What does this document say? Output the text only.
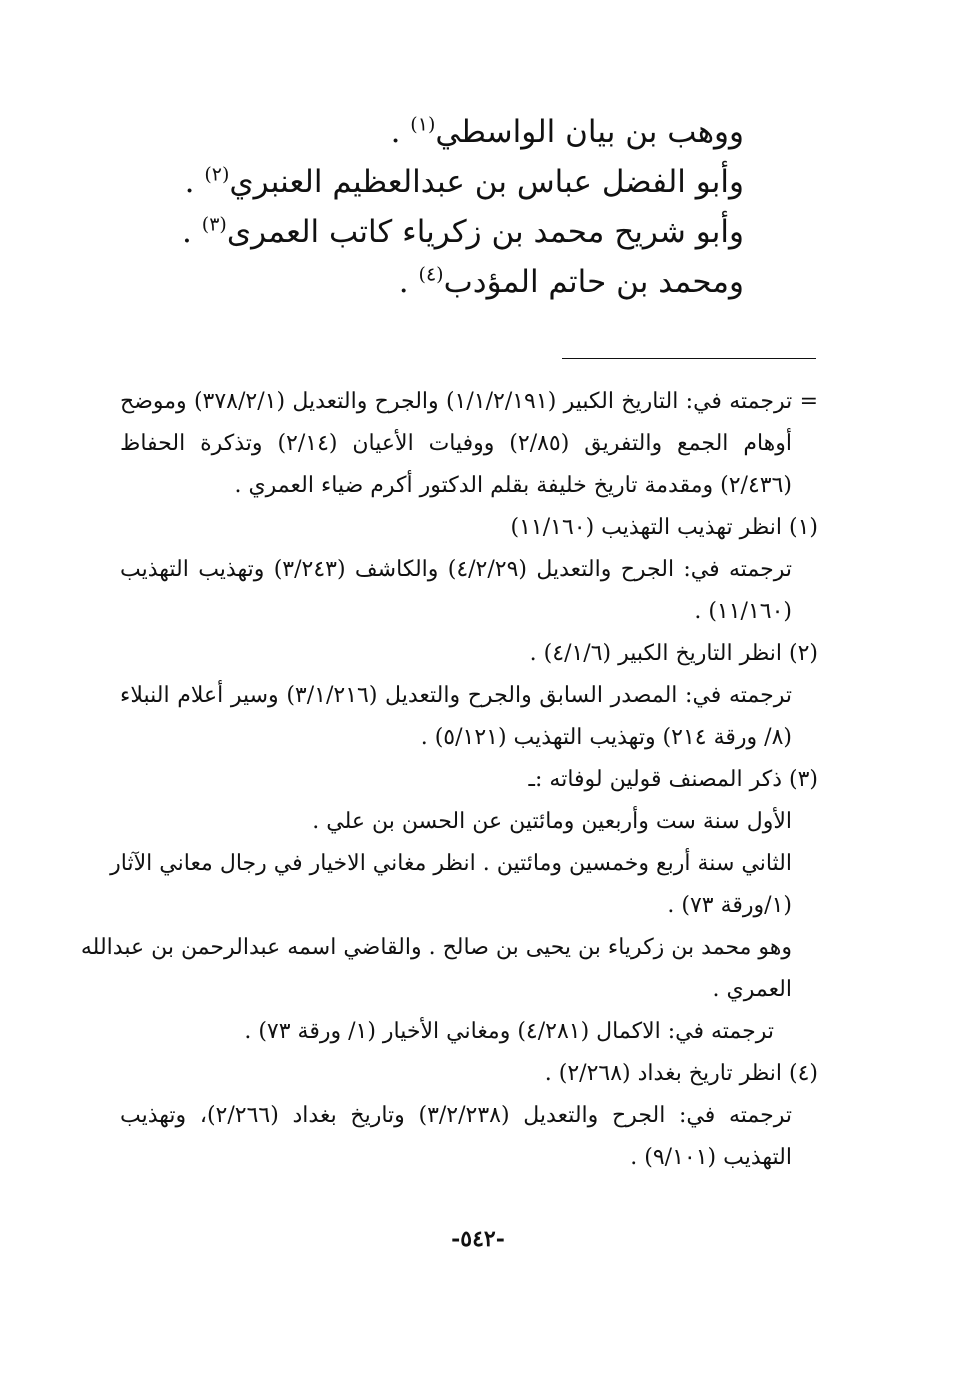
ووهب بن بيان الواسطي$^{(١)}$ .
وأبو الفضل عباس بن عبدالعظيم العنبري$^{(٢)}$ .
وأبو شريح محمد بن زكرياء كاتب العمرى$^{(٣)}$ .
ومحمد بن حاتم المؤدب$^{(٤)}$ .
= ترجمته في: التاريخ الكبير (١/١/٢/١٩١) والجرح والتعديل (٣٧٨/٢/١) وموضح
أوهام الجمع والتفريق (٢/٨٥) ووفيات الأعيان (٢/١٤) وتذكرة الحفاظ
(٢/٤٣٦) ومقدمة تاريخ خليفة بقلم الدكتور أكرم ضياء العمري .
(١) انظر تهذيب التهذيب (١١/١٦٠)
ترجمته في: الجرح والتعديل (٤/٢/٢٩) والكاشف (٣/٢٤٣) وتهذيب التهذيب
(١١/١٦٠) .
(٢) انظر التاريخ الكبير (٤/١/٦) .
ترجمته في: المصدر السابق والجرح والتعديل (٣/١/٢١٦) وسير أعلام النبلاء
(٨/ ورقة ٢١٤) وتهذيب التهذيب (٥/١٢١) .
(٣) ذكر المصنف قولين لوفاته :ـ
الأول سنة ست وأربعين ومائتين عن الحسن بن علي .
الثاني سنة أربع وخمسين ومائتين . انظر مغاني الاخيار في رجال معاني الآثار
(١/ورقة ٧٣) .
وهو محمد بن زكرياء بن يحيى بن صالح . والقاضي اسمه عبدالرحمن بن عبدالله
العمري .
ترجمته في: الاكمال (٤/٢٨١) ومغاني الأخيار (١/ ورقة ٧٣) .
(٤) انظر تاريخ بغداد (٢/٢٦٨) .
ترجمته في: الجرح والتعديل (٣/٢/٢٣٨) وتاريخ بغداد (٢/٢٦٦)، وتهذيب
التهذيب (٩/١٠١) .
-٥٤٢-
